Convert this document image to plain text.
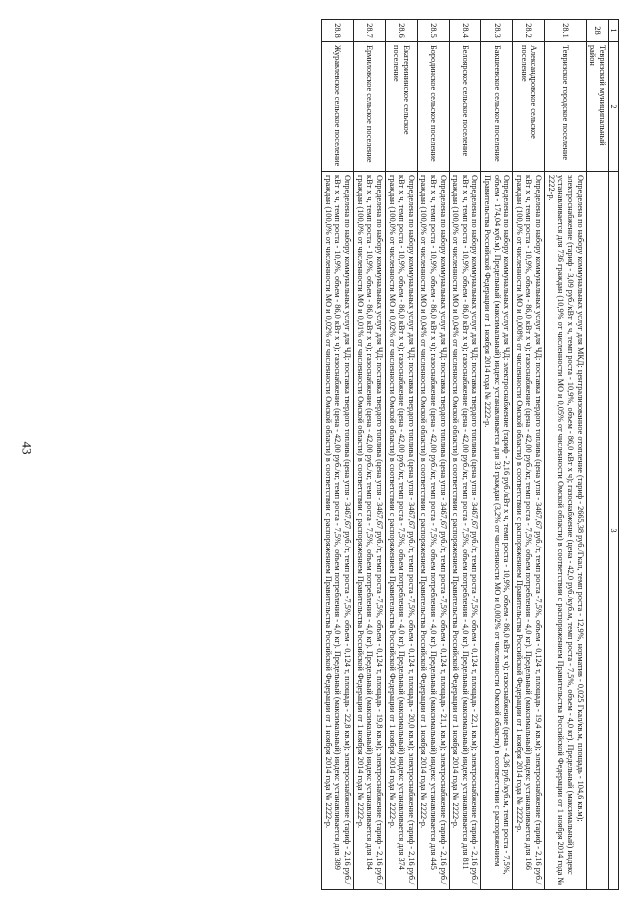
43
1	2	3
28	Тевризский муниципальный район	
28.1	Тевризское городское поселение	Определена по набору коммунальных услуг для МКД: централизованное отопление (тариф - 2665,38 руб./Гкал, темп роста - 12,9%, норматив - 0,025 Гкал/кв.м, площадь - 104,6 кв.м); электроснабжение (тариф - 3,09 руб./кВт х ч, темп роста - 10,9%, объем - 86,0 кВт х ч); газоснабжение (цена - 42,0 руб./куб.м, темп роста - 7,5%, объем - 4,0 кг). Предельный (максимальный) индекс устанавливается для 736 граждан (10,9% от численности МО и 0,05% от численности Омской области) в соответствии с распоряжением Правительства Российской Федерации от 1 ноября 2014 года № 2222-р.
28.2	Александровское сельское поселение	Определена по набору коммунальных услуг для ЧД: поставка твердого топлива (цена угля - 3467,67 руб./т, темп роста -7,5%, объем - 0,124 т, площадь - 19,4 кв.м); электроснабжение (тариф - 2,16 руб./кВт х ч, темп роста - 10,9%, объем - 86,0 кВт х ч); газоснабжение (цена - 42,00 руб./кг, темп роста - 7,5%, объем потребления - 4,0 кг). Предельный (максимальный) индекс устанавливается для 166 граждан (100,0% от численности МО и 0,008% от численности Омской области) в соответствии с распоряжением Правительства Российской Федерации от 1 ноября 2014 года № 2222-р.
28.3	Бакшеевское сельское поселение	Определена по набору коммунальных услуг для ЧД: электроснабжение (тариф - 2,16 руб./кВт х ч, темп роста - 10,9%, объем - 86,0 кВт х ч); газоснабжение (цена - 4,36 руб./куб.м, темп роста - 7,5%, объем - 174,04 куб.м). Предельный (максимальный) индекс устанавливается для 33 граждан (3,2% от численности МО и 0,002% от численности Омской области) в соответствии с распоряжением Правительства Российской Федерации от 1 ноября 2014 года № 2222-р.
28.4	Белоярское сельское поселение	Определена по набору коммунальных услуг для ЧД: поставка твердого топлива (цена угля - 3467,67 руб./т, темп роста -7,5%, объем - 0,124 т, площадь - 22,1 кв.м); электроснабжение (тариф - 2,16 руб./кВт х ч, темп роста - 10,9%, объем - 86,0 кВт х ч); газоснабжение (цена - 42,00 руб./кг, темп роста - 7,5%, объем потребления - 4,0 кг). Предельный (максимальный) индекс устанавливается для 811 граждан (100,0% от численности МО и 0,04% от численности Омской области) в соответствии с распоряжением Правительства Российской Федерации от 1 ноября 2014 года № 2222-р.
28.5	Бородинское сельское поселение	Определена по набору коммунальных услуг для ЧД: поставка твердого топлива (цена угля - 3467,67 руб./т, темп роста -7,5%, объем - 0,124 т, площадь - 21,1 кв.м); электроснабжение (тариф - 2,16 руб./кВт х ч, темп роста - 10,9%, объем - 86,0 кВт х ч); газоснабжение (цена - 42,00 руб./кг, темп роста - 7,5%, объем потребления - 4,0 кг). Предельный (максимальный) индекс устанавливается для 445 граждан (100,0% от численности МО и 0,04% от численности Омской области) в соответствии с распоряжением Правительства Российской Федерации от 1 ноября 2014 года № 2222-р.
28.6	Екатерининское сельское поселение	Определена по набору коммунальных услуг для ЧД: поставка твердого топлива (цена угля - 3467,67 руб./т, темп роста -7,5%, объем - 0,124 т, площадь - 20,0 кв.м); электроснабжение (тариф - 2,16 руб./кВт х ч, темп роста - 10,9%, объем - 86,0 кВт х ч); газоснабжение (цена - 42,00 руб./кг, темп роста - 7,5%, объем потребления - 4,0 кг). Предельный (максимальный) индекс устанавливается для 374 граждан (100,0% от численности МО и 0,02% от численности Омской области) в соответствии с распоряжением Правительства Российской Федерации от 1 ноября 2014 года № 2222-р.
28.7	Ермиловское сельское поселение	Определена по набору коммунальных услуг для ЧД: поставка твердого топлива (цена угля - 3467,67 руб./т, темп роста -7,5%, объем - 0,124 т, площадь - 19,8 кв.м); электроснабжение (тариф - 2,16 руб./кВт х ч, темп роста - 10,9%, объем - 86,0 кВт х ч); газоснабжение (цена - 42,00 руб./кг, темп роста - 7,5%, объем потребления - 4,0 кг). Предельный (максимальный) индекс устанавливается для 184 граждан (100,0% от численности МО и 0,01% от численности Омской области) в соответствии с распоряжением Правительства Российской Федерации от 1 ноября 2014 года № 2222-р.
28.8	Журавлевское сельское поселение	Определена по набору коммунальных услуг для ЧД: поставка твердого топлива (цена угля - 3467,67 руб./т, темп роста -7,5%, объем - 0,124 т, площадь - 22,8 кв.м); электроснабжение (тариф - 2,16 руб./кВт х ч, темп роста - 10,9%, объем - 86,0 кВт х ч); газоснабжение (цена - 42,00 руб./кг, темп роста - 7,5%, объем потребления - 4,0 кг). Предельный (максимальный) индекс устанавливается для 389 граждан (100,0% от численности МО и 0,02% от численности Омской области) в соответствии с распоряжением Правительства Российской Федерации от 1 ноября 2014 года № 2222-р.
